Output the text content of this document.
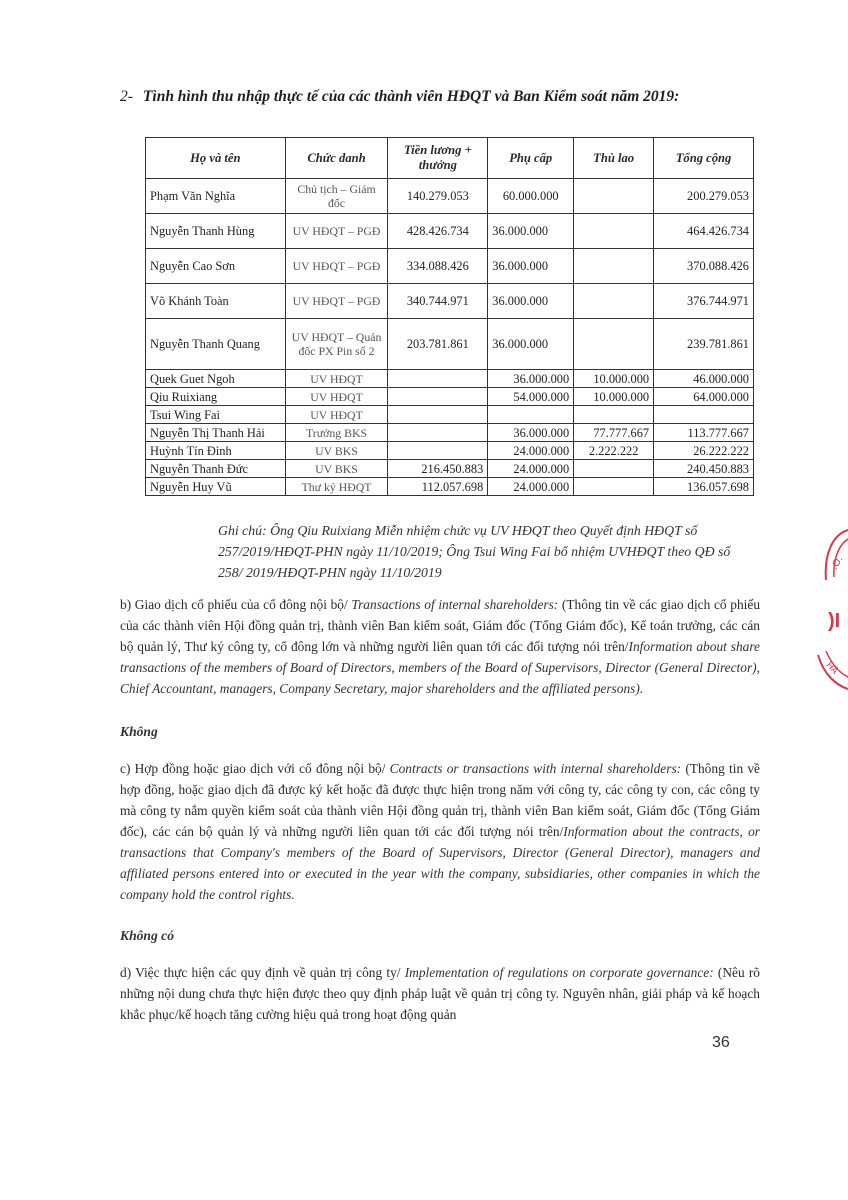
2- Tình hình thu nhập thực tế của các thành viên HĐQT và Ban Kiểm soát năm 2019:
Họ và tên	Chức danh	Tiền lương + thưởng	Phụ cấp	Thù lao	Tổng cộng
Phạm Văn Nghĩa	Chủ tịch – Giám đốc	140.279.053	60.000.000		200.279.053
Nguyễn Thanh Hùng	UV HĐQT – PGĐ	428.426.734	36.000.000		464.426.734
Nguyễn Cao Sơn	UV HĐQT – PGĐ	334.088.426	36.000.000		370.088.426
Võ Khánh Toàn	UV HĐQT – PGĐ	340.744.971	36.000.000		376.744.971
Nguyễn Thanh Quang	UV HĐQT – Quản đốc PX Pin số 2	203.781.861	36.000.000		239.781.861
Quek Guet Ngoh	UV HĐQT		36.000.000	10.000.000	46.000.000
Qiu Ruixiang	UV HĐQT		54.000.000	10.000.000	64.000.000
Tsui Wing Fai	UV HĐQT				
Nguyễn Thị Thanh Hải	Trưởng BKS		36.000.000	77.777.667	113.777.667
Huỳnh Tín Đình	UV BKS		24.000.000	2.222.222	26.222.222
Nguyễn Thanh Đức	UV BKS	216.450.883	24.000.000		240.450.883
Nguyễn Huy Vũ	Thư ký HĐQT	112.057.698	24.000.000		136.057.698
Ghi chú: Ông Qiu Ruixiang Miễn nhiệm chức vụ UV HĐQT theo Quyết định HĐQT số 257/2019/HĐQT-PHN ngày 11/10/2019; Ông Tsui Wing Fai bổ nhiệm UVHĐQT theo QĐ số 258/ 2019/HĐQT-PHN ngày 11/10/2019
b) Giao dịch cổ phiếu của cổ đông nội bộ/ Transactions of internal shareholders: (Thông tin về các giao dịch cổ phiếu của các thành viên Hội đồng quản trị, thành viên Ban kiểm soát, Giám đốc (Tổng Giám đốc), Kế toán trưởng, các cán bộ quản lý, Thư ký công ty, cổ đông lớn và những người liên quan tới các đối tượng nói trên/Information about share transactions of the members of Board of Directors, members of the Board of Supervisors, Director (General Director), Chief Accountant, managers, Company Secretary, major shareholders and the affiliated persons).
Không
c) Hợp đồng hoặc giao dịch với cổ đông nội bộ/ Contracts or transactions with internal shareholders: (Thông tin về hợp đồng, hoặc giao dịch đã được ký kết hoặc đã được thực hiện trong năm với công ty, các công ty con, các công ty mà công ty nắm quyền kiểm soát của thành viên Hội đồng quản trị, thành viên Ban kiểm soát, Giám đốc (Tổng Giám đốc), các cán bộ quản lý và những người liên quan tới các đối tượng nói trên/Information about the contracts, or transactions that Company's members of the Board of Supervisors, Director (General Director), managers and affiliated persons entered into or executed in the year with the company, subsidiaries, other companies in which the company hold the control rights.
Không có
d) Việc thực hiện các quy định về quản trị công ty/ Implementation of regulations on corporate governance: (Nêu rõ những nội dung chưa thực hiện được theo quy định pháp luật về quản trị công ty. Nguyên nhân, giải pháp và kế hoạch khắc phục/kế hoạch tăng cường hiệu quả trong hoạt động quản
36
.O.
)I
HÀ
